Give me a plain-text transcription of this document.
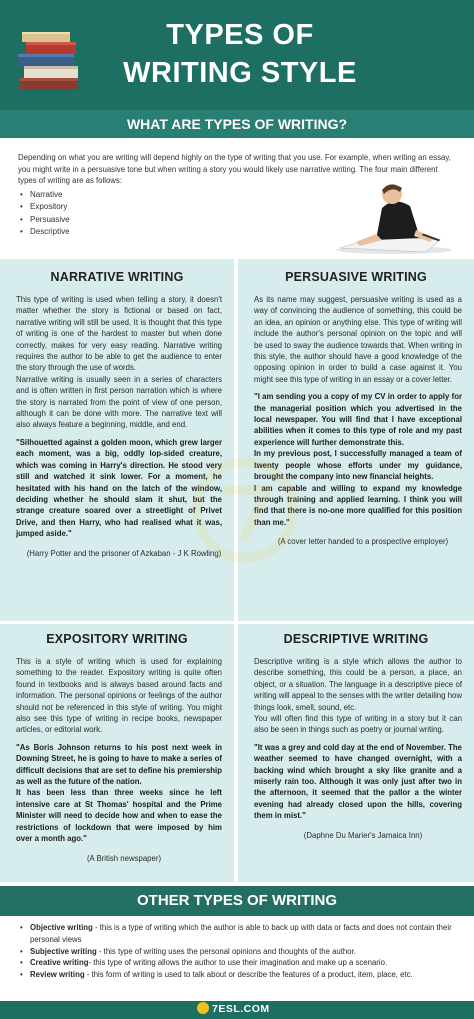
TYPES OF
WRITING STYLE
WHAT ARE TYPES OF WRITING?

Depending on what you are writing will depend highly on the type of writing that you use. For example, when writing an essay, you might write in a persuasive tone but when writing a story you would likely use narrative writing. The four main different types of writing are as follows:

• Narrative
• Expository
• Persuasive
• Descriptive
NARRATIVE WRITING

This type of writing is used when telling a story, it doesn't matter whether the story is fictional or based on fact, narrative writing will still be used. It is thought that this type of writing is one of the hardest to master but when done correctly, makes for very easy reading. Narrative writing requires the author to be able to get the audience to enter the story through the use of words.

Narrative writing is usually seen in a series of characters and is often written in first person narration which is where the story is narrated from the point of view of one person, although it can be done with more. The narrative text will also always feature a beginning, middle, and end.

"Silhouetted against a golden moon, which grew larger each moment, was a big, oddly lop-sided creature, which was coming in Harry's direction. He stood very still and watched it sink lower. For a moment, he hesitated with his hand on the latch of the window, deciding whether he should slam it shut, but the strange creature soared over a streetlight of Privet Drive, and then Harry, who had realised what it was, jumped aside."

(Harry Potter and the prisoner of Azkaban - J K Rowling)

PERSUASIVE WRITING

As its name may suggest, persuasive writing is used as a way of convincing the audience of something, this could be an idea, an opinion or anything else. This type of writing will include the author's personal opinion on the topic and will be used to sway the audience towards that. When writing in this style, the author should have a good knowledge of the opposing opinion in order to build a case against it. You might see this type of writing in an essay or a cover letter.

"I am sending you a copy of my CV in order to apply for the managerial position which you advertised in the local newspaper. You will find that I have exceptional abilities when it comes to this type of role and my past experience will further demonstrate this.

In my previous post, I successfully managed a team of twenty people whose efforts under my guidance, brought the company into new financial heights.

I am capable and willing to expand my knowledge through training and applied learning. I think you will find that there is no-one more qualified for this position than me."

(A cover letter handed to a prospective employer)

EXPOSITORY WRITING

This is a style of writing which is used for explaining something to the reader. Expository writing is quite often found in textbooks and is always based around facts and information. The personal opinions or feelings of the author should not be referenced in this style of writing. You might also see this type of writing in recipe books, newspaper articles, or editorial work.

"As Boris Johnson returns to his post next week in Downing Street, he is going to have to make a series of difficult decisions that are set to define his premiership as well as the future of the nation.

It has been less than three weeks since he left intensive care at St Thomas' hospital and the Prime Minister will need to decide how and when to ease the restrictions of lockdown that were imposed by him over a month ago."

(A British newspaper)

DESCRIPTIVE WRITING

Descriptive writing is a style which allows the author to describe something, this could be a person, a place, an object, or a situation. The language in a descriptive piece of writing will appeal to the senses with the writer detailing how things look, smell, sound, etc.

You will often find this type of writing in a story but it can also be seen in things such as poetry or journal writing.

"It was a grey and cold day at the end of November. The weather seemed to have changed overnight, with a backing wind which brought a sky like granite and a miserly rain too. Although it was only just after two in the afternoon, it seemed that the pallor a the winter evening had already closed upon the hills, covering them in mist."

(Daphne Du Marier's Jamaica Inn)

OTHER TYPES OF WRITING
• Objective writing - this is a type of writing which the author is able to back up with data or facts and does not contain their personal views
• Subjective writing - this type of writing uses the personal opinions and thoughts of the author.
• Creative writing- this type of writing allows the author to use their imagination and make up a scenario.
• Review writing - this form of writing is used to talk about or describe the features of a product, item, place, etc.
7ESL.COM
